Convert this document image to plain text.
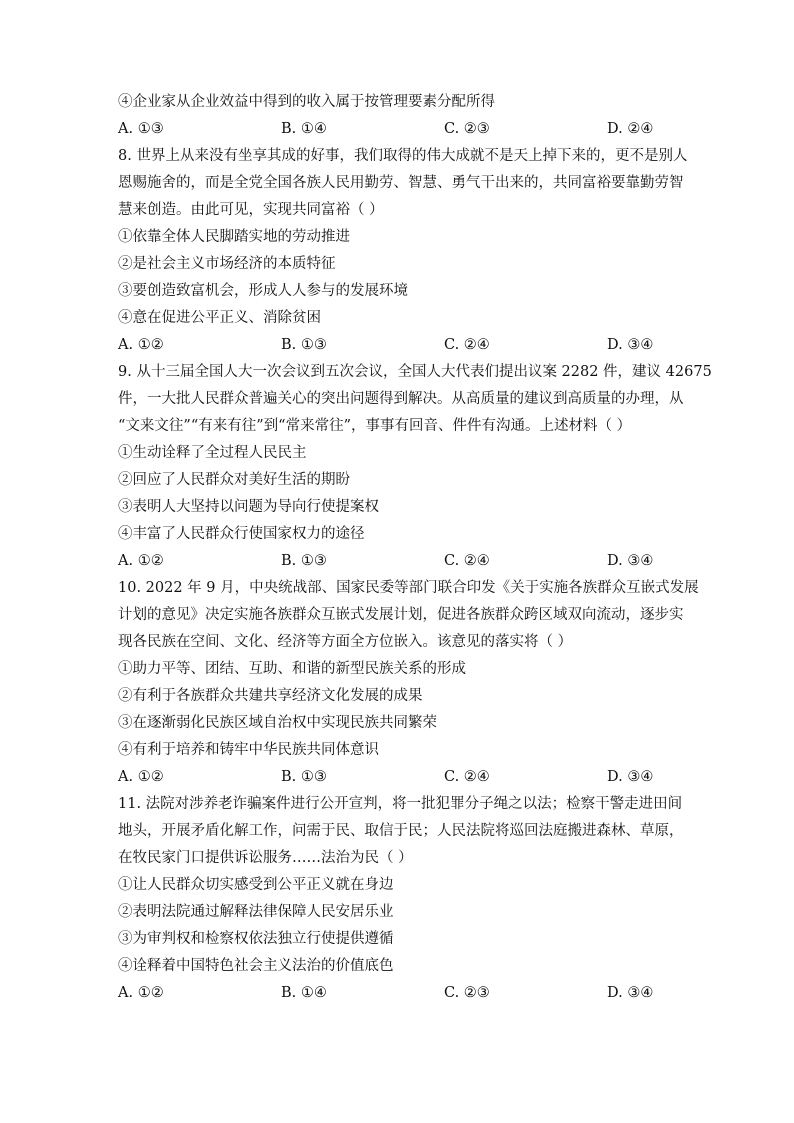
④企业家从企业效益中得到的收入属于按管理要素分配所得
A. ①③	B. ①④	C. ②③	D. ②④
8. 世界上从来没有坐享其成的好事，我们取得的伟大成就不是天上掉下来的，更不是别人
恩赐施舍的，而是全党全国各族人民用勤劳、智慧、勇气干出来的，共同富裕要靠勤劳智
慧来创造。由此可见，实现共同富裕（ ）
①依靠全体人民脚踏实地的劳动推进
②是社会主义市场经济的本质特征
③要创造致富机会，形成人人参与的发展环境
④意在促进公平正义、消除贫困
A. ①②	B. ①③	C. ②④	D. ③④
9. 从十三届全国人大一次会议到五次会议，全国人大代表们提出议案 2282 件，建议 42675
件，一大批人民群众普遍关心的突出问题得到解决。从高质量的建议到高质量的办理，从
“文来文往”“有来有往”到“常来常往”，事事有回音、件件有沟通。上述材料（ ）
①生动诠释了全过程人民民主
②回应了人民群众对美好生活的期盼
③表明人大坚持以问题为导向行使提案权
④丰富了人民群众行使国家权力的途径
A. ①②	B. ①③	C. ②④	D. ③④
10. 2022 年 9 月，中央统战部、国家民委等部门联合印发《关于实施各族群众互嵌式发展
计划的意见》决定实施各族群众互嵌式发展计划，促进各族群众跨区域双向流动，逐步实
现各民族在空间、文化、经济等方面全方位嵌入。该意见的落实将（ ）
①助力平等、团结、互助、和谐的新型民族关系的形成
②有利于各族群众共建共享经济文化发展的成果
③在逐渐弱化民族区域自治权中实现民族共同繁荣
④有利于培养和铸牢中华民族共同体意识
A. ①②	B. ①③	C. ②④	D. ③④
11. 法院对涉养老诈骗案件进行公开宣判，将一批犯罪分子绳之以法；检察干警走进田间
地头，开展矛盾化解工作，问需于民、取信于民；人民法院将巡回法庭搬进森林、草原，
在牧民家门口提供诉讼服务……法治为民（ ）
①让人民群众切实感受到公平正义就在身边
②表明法院通过解释法律保障人民安居乐业
③为审判权和检察权依法独立行使提供遵循
④诠释着中国特色社会主义法治的价值底色
A. ①②	B. ①④	C. ②③	D. ③④
